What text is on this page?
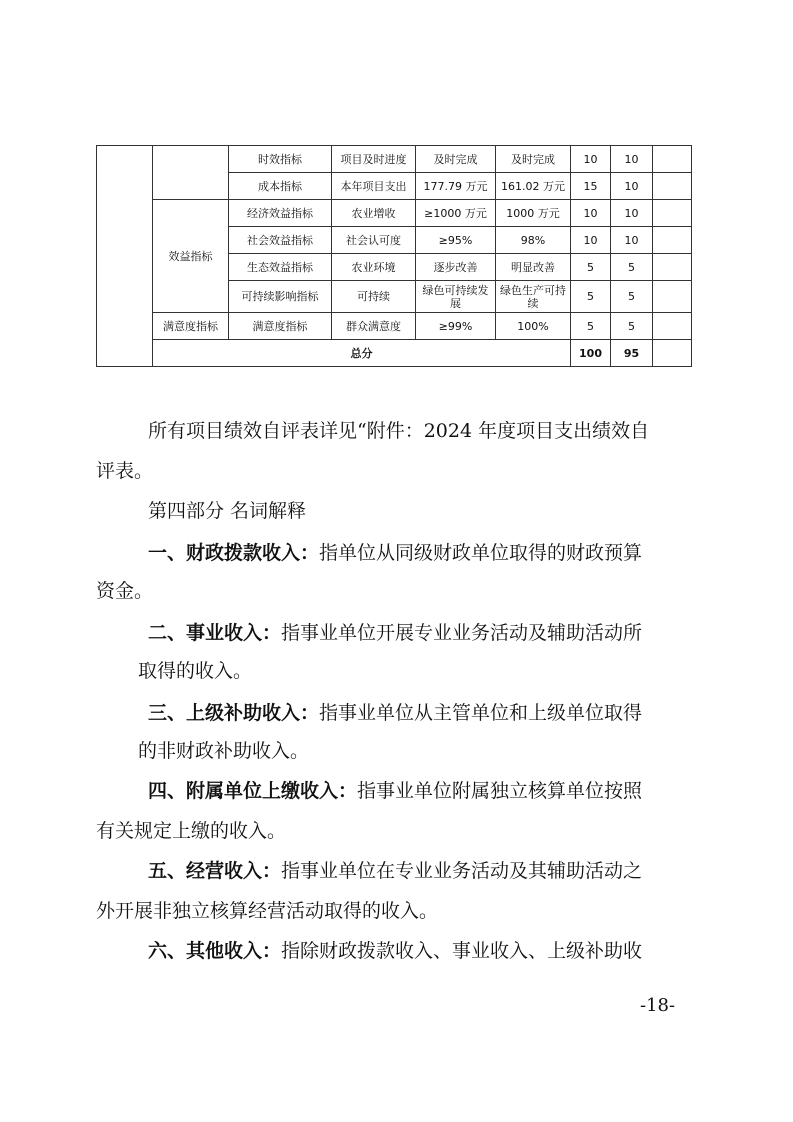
		时效指标	项目及时进度	及时完成	及时完成	10	10	
		成本指标	本年项目支出	177.79 万元	161.02 万元	15	10	
	效益指标	经济效益指标	农业增收	≥1000 万元	1000 万元	10	10	
		社会效益指标	社会认可度	≥95%	98%	10	10	
		生态效益指标	农业环境	逐步改善	明显改善	5	5	
		可持续影响指标	可持续	绿色可持续发展	绿色生产可持续	5	5	
	满意度指标	满意度指标	群众满意度	≥99%	100%	5	5	
	总分					100	95	
所有项目绩效自评表详见“附件：2024 年度项目支出绩效自
评表。
第四部分 名词解释
一、财政拨款收入：指单位从同级财政单位取得的财政预算
资金。
二、事业收入：指事业单位开展专业业务活动及辅助活动所
取得的收入。
三、上级补助收入：指事业单位从主管单位和上级单位取得
的非财政补助收入。
四、附属单位上缴收入：指事业单位附属独立核算单位按照
有关规定上缴的收入。
五、经营收入：指事业单位在专业业务活动及其辅助活动之
外开展非独立核算经营活动取得的收入。
六、其他收入：指除财政拨款收入、事业收入、上级补助收
-18-
